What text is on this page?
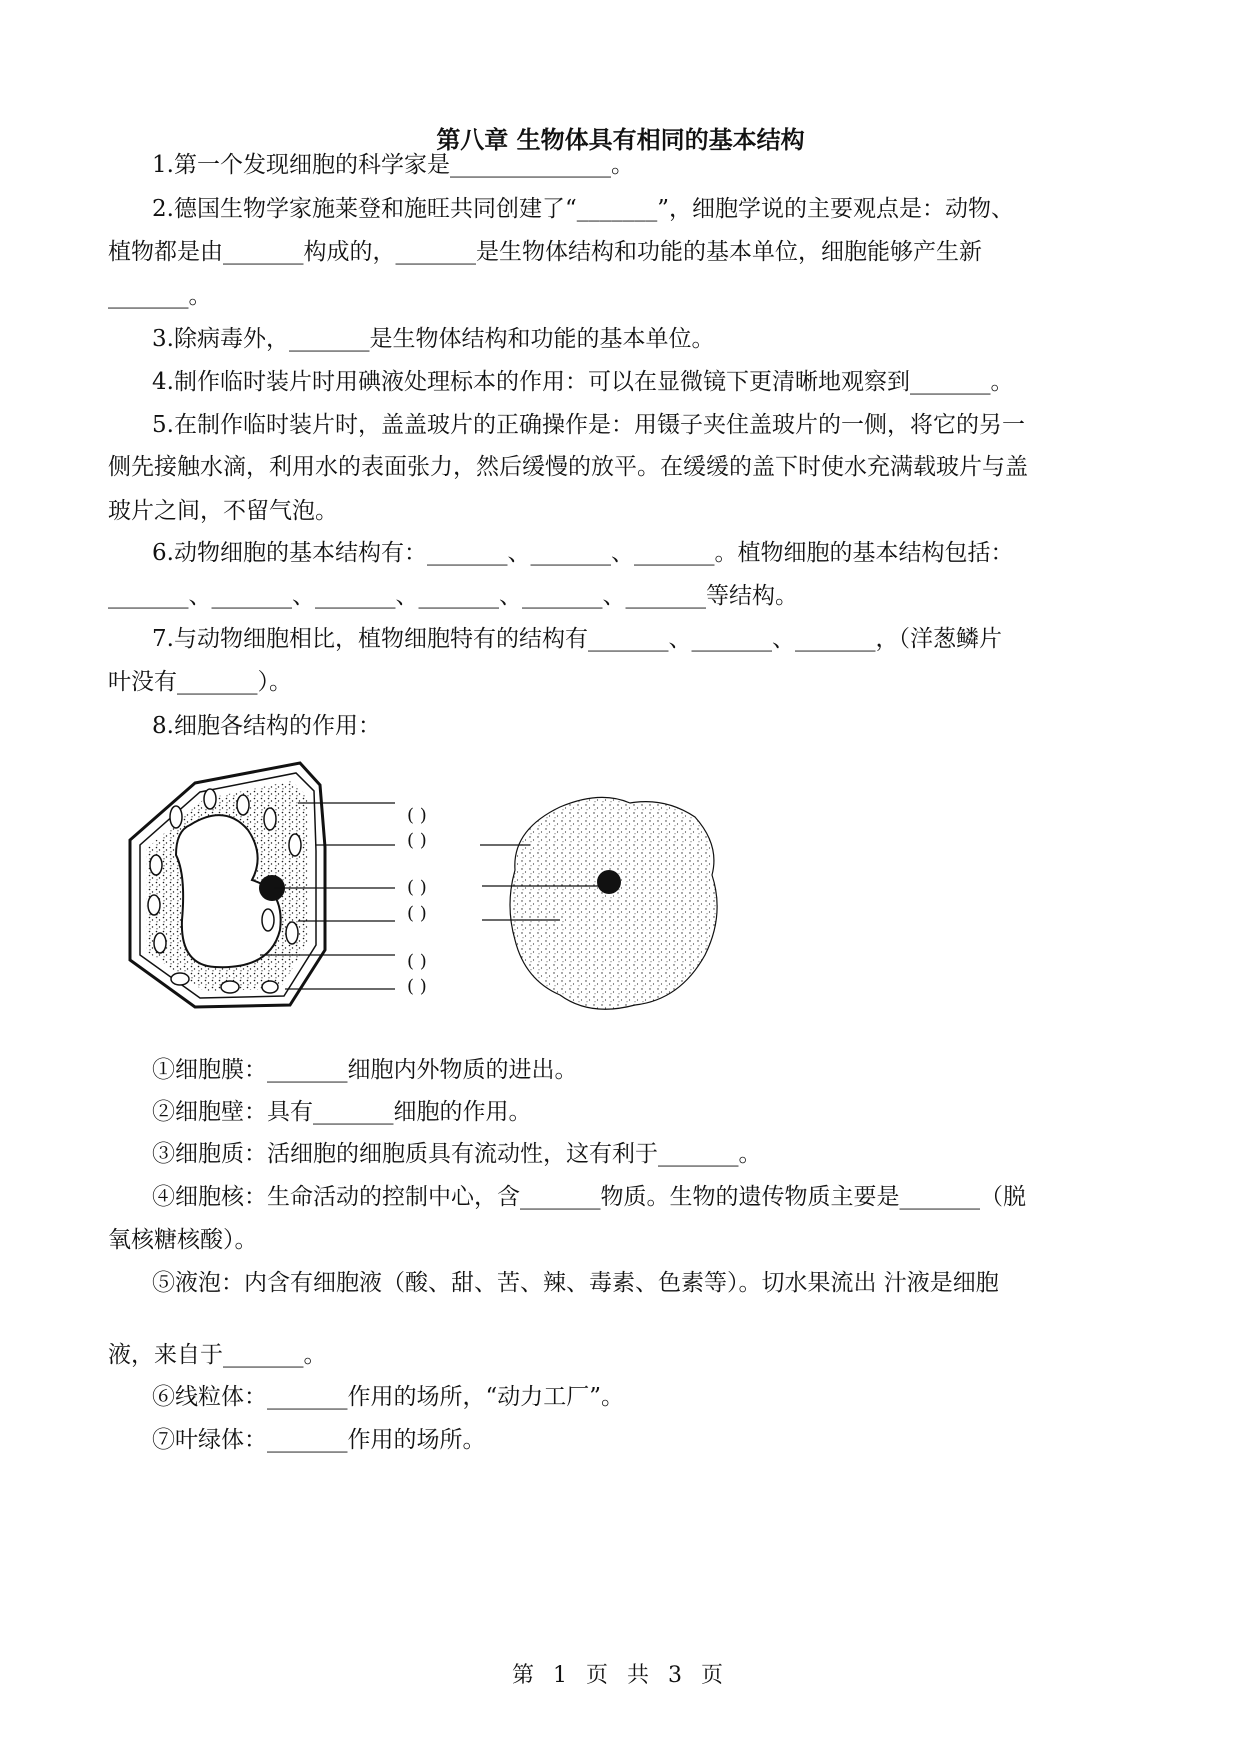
第八章 生物体具有相同的基本结构
1.第一个发现细胞的科学家是______________。
2.德国生物学家施莱登和施旺共同创建了“_______”，细胞学说的主要观点是：动物、
植物都是由_______构成的，_______是生物体结构和功能的基本单位，细胞能够产生新
_______。
3.除病毒外，_______是生物体结构和功能的基本单位。
4.制作临时装片时用碘液处理标本的作用：可以在显微镜下更清晰地观察到_______。
5.在制作临时装片时，盖盖玻片的正确操作是：用镊子夹住盖玻片的一侧，将它的另一
侧先接触水滴，利用水的表面张力，然后缓慢的放平。在缓缓的盖下时使水充满载玻片与盖
玻片之间，不留气泡。
6.动物细胞的基本结构有：_______、_______、_______。植物细胞的基本结构包括：
_______、_______、_______、_______、_______、_______等结构。
7.与动物细胞相比，植物细胞特有的结构有_______、_______、_______，（洋葱鳞片
叶没有_______）。
8.细胞各结构的作用：
( )
( )
( )
( )
( )
( )
①细胞膜：_______细胞内外物质的进出。
②细胞壁：具有_______细胞的作用。
③细胞质：活细胞的细胞质具有流动性，这有利于_______。
④细胞核：生命活动的控制中心，含_______物质。生物的遗传物质主要是_______（脱
氧核糖核酸）。
⑤液泡：内含有细胞液（酸、甜、苦、辣、毒素、色素等）。切水果流出 汁液是细胞
液，来自于_______。
⑥线粒体：_______作用的场所，“动力工厂”。
⑦叶绿体：_______作用的场所。
第 1 页 共 3 页
